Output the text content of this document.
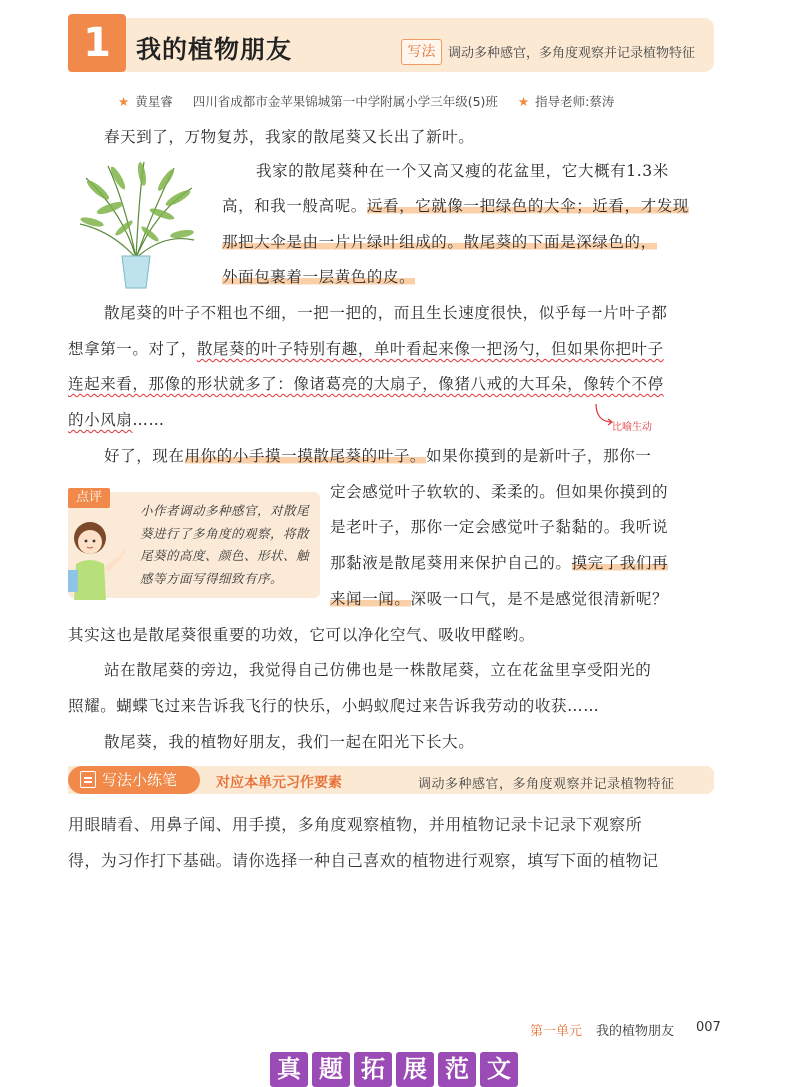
1	我的植物朋友	写法 调动多种感官，多角度观察并记录植物特征
★ 黄星睿 四川省成都市金苹果锦城第一中学附属小学三年级(5)班 ★ 指导老师:蔡涛
春天到了，万物复苏，我家的散尾葵又长出了新叶。
我家的散尾葵种在一个又高又瘦的花盆里，它大概有1.3米
高，和我一般高呢。远看，它就像一把绿色的大伞；近看，才发现
那把大伞是由一片片绿叶组成的。散尾葵的下面是深绿色的，
外面包裹着一层黄色的皮。
散尾葵的叶子不粗也不细，一把一把的，而且生长速度很快，似乎每一片叶子都
想拿第一。对了，散尾葵的叶子特别有趣，单叶看起来像一把汤勺，但如果你把叶子
连起来看，那像的形状就多了：像诸葛亮的大扇子，像猪八戒的大耳朵，像转个不停
的小风扇……	比喻生动
好了，现在用你的小手摸一摸散尾葵的叶子。如果你摸到的是新叶子，那你一
点评
小作者调动多种感官，对散尾葵进行了多角度的观察，将散尾葵的高度、颜色、形状、触感等方面写得细致有序。
定会感觉叶子软软的、柔柔的。但如果你摸到的
是老叶子，那你一定会感觉叶子黏黏的。我听说
那黏液是散尾葵用来保护自己的。摸完了我们再
来闻一闻。深吸一口气，是不是感觉很清新呢？
其实这也是散尾葵很重要的功效，它可以净化空气、吸收甲醛哟。
站在散尾葵的旁边，我觉得自己仿佛也是一株散尾葵，立在花盆里享受阳光的
照耀。蝴蝶飞过来告诉我飞行的快乐，小蚂蚁爬过来告诉我劳动的收获……
散尾葵，我的植物好朋友，我们一起在阳光下长大。
写法小练笔	对应本单元习作要素	调动多种感官，多角度观察并记录植物特征
用眼睛看、用鼻子闻、用手摸，多角度观察植物，并用植物记录卡记录下观察所
得，为习作打下基础。请你选择一种自己喜欢的植物进行观察，填写下面的植物记
第一单元 我的植物朋友 007
真 题 拓 展 范 文
